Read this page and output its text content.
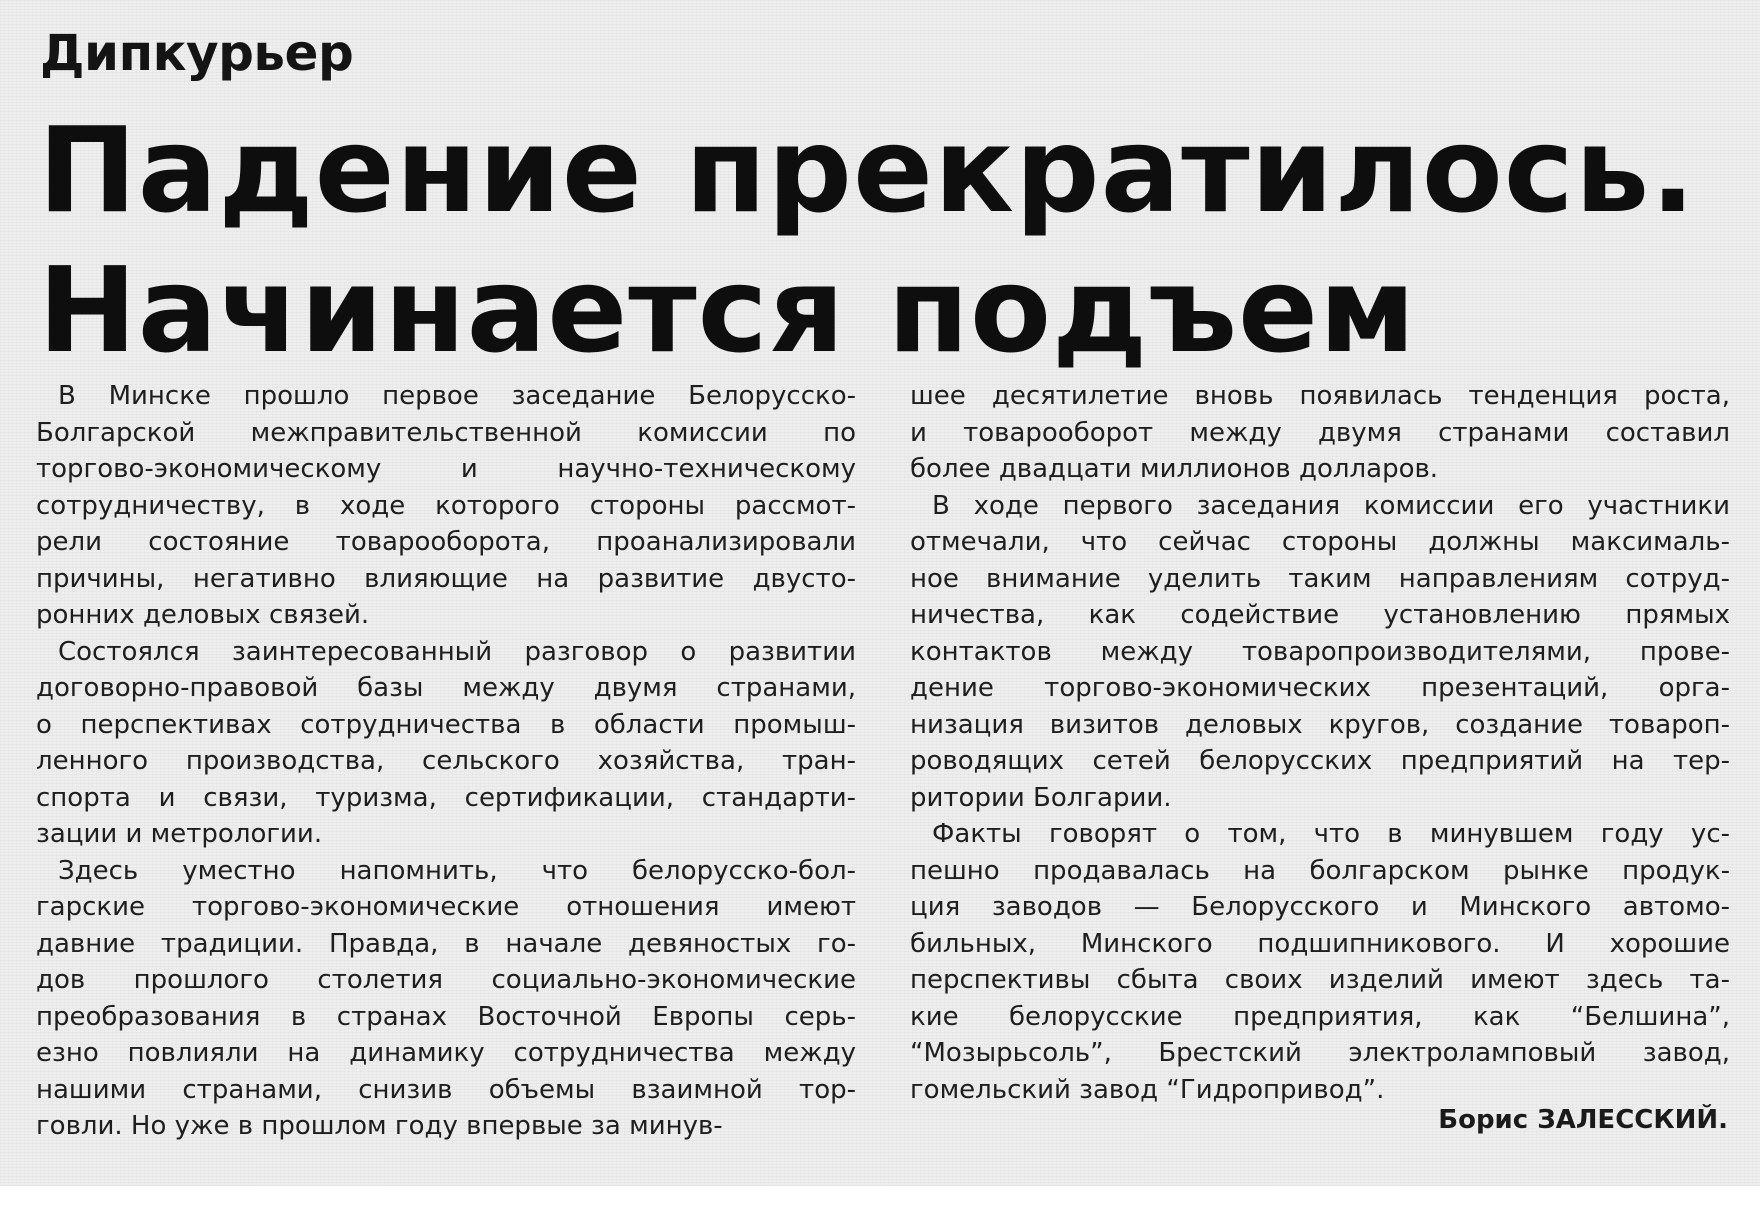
Дипкурьер
Падение прекратилось.
Начинается подъем

В Минске прошло первое заседание Белорусско-
Болгарской межправительственной комиссии по
торгово-экономическому и научно-техническому
сотрудничеству, в ходе которого стороны рассмот-
рели состояние товарооборота, проанализировали
причины, негативно влияющие на развитие двусто-
ронних деловых связей.

Состоялся заинтересованный разговор о развитии
договорно-правовой базы между двумя странами,
о перспективах сотрудничества в области промыш-
ленного производства, сельского хозяйства, тран-
спорта и связи, туризма, сертификации, стандарти-
зации и метрологии.

Здесь уместно напомнить, что белорусско-бол-
гарские торгово-экономические отношения имеют
давние традиции. Правда, в начале девяностых го-
дов прошлого столетия социально-экономические
преобразования в странах Восточной Европы серь-
езно повлияли на динамику сотрудничества между
нашими странами, снизив объемы взаимной тор-
говли. Но уже в прошлом году впервые за минув-

шее десятилетие вновь появилась тенденция роста,
и товарооборот между двумя странами составил
более двадцати миллионов долларов.

В ходе первого заседания комиссии его участники
отмечали, что сейчас стороны должны максималь-
ное внимание уделить таким направлениям сотруд-
ничества, как содействие установлению прямых
контактов между товаропроизводителями, прове-
дение торгово-экономических презентаций, орга-
низация визитов деловых кругов, создание товароп-
роводящих сетей белорусских предприятий на тер-
ритории Болгарии.

Факты говорят о том, что в минувшем году ус-
пешно продавалась на болгарском рынке продук-
ция заводов — Белорусского и Минского автомо-
бильных, Минского подшипникового. И хорошие
перспективы сбыта своих изделий имеют здесь та-
кие белорусские предприятия, как “Белшина”,
“Мозырьсоль”, Брестский электроламповый завод,
гомельский завод “Гидропривод”.

Борис ЗАЛЕССКИЙ.
